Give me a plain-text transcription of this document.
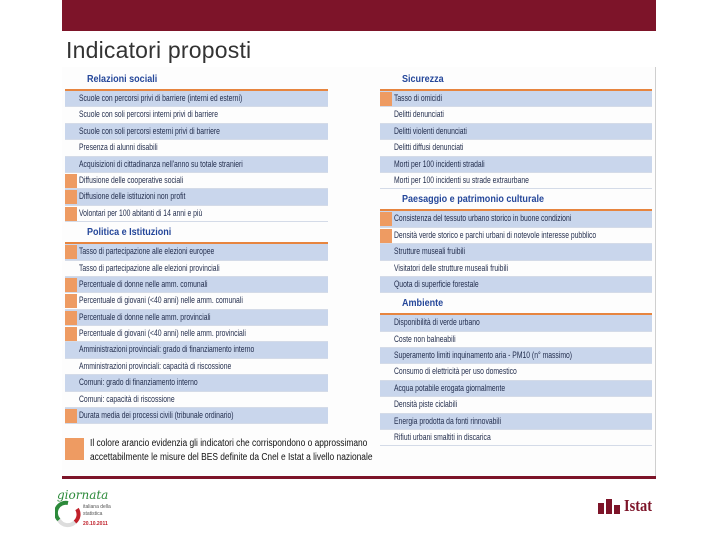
Indicatori proposti
Relazioni sociali
Scuole con percorsi privi di barriere (interni ed esterni)
Scuole con soli percorsi interni privi di barriere
Scuole con soli percorsi esterni privi di barriere
Presenza di alunni disabili
Acquisizioni di cittadinanza nell'anno su totale stranieri
Diffusione delle cooperative sociali
Diffusione delle istituzioni non profit
Volontari per 100 abitanti di 14 anni e più
Politica e Istituzioni
Tasso di partecipazione alle elezioni europee
Tasso di partecipazione alle elezioni provinciali
Percentuale di donne nelle amm. comunali
Percentuale di giovani (<40 anni) nelle amm. comunali
Percentuale di donne nelle amm. provinciali
Percentuale di giovani (<40 anni) nelle amm. provinciali
Amministrazioni provinciali: grado di finanziamento interno
Amministrazioni provinciali: capacità di riscossione
Comuni: grado di finanziamento interno
Comuni: capacità di riscossione
Durata media dei processi civili (tribunale ordinario)
Sicurezza
Tasso di omicidi
Delitti denunciati
Delitti violenti denunciati
Delitti diffusi denunciati
Morti per 100 incidenti stradali
Morti per 100 incidenti su strade extraurbane
Paesaggio e patrimonio culturale
Consistenza del tessuto urbano storico in buone condizioni
Densità verde storico e parchi urbani di notevole interesse pubblico
Strutture museali fruibili
Visitatori delle strutture museali fruibili
Quota di superficie forestale
Ambiente
Disponibilità di verde urbano
Coste non balneabili
Superamento limiti inquinamento aria - PM10 (n° massimo)
Consumo di elettricità per uso domestico
Acqua potabile erogata giornalmente
Densità piste ciclabili
Energia prodotta da fonti rinnovabili
Rifiuti urbani smaltiti in discarica
Il colore arancio evidenzia gli indicatori che corrispondono o approssimano
accettabilmente le misure del BES definite da Cnel e Istat a livello nazionale
giornata
italiana della
statistica
20.10.2011
Istat
